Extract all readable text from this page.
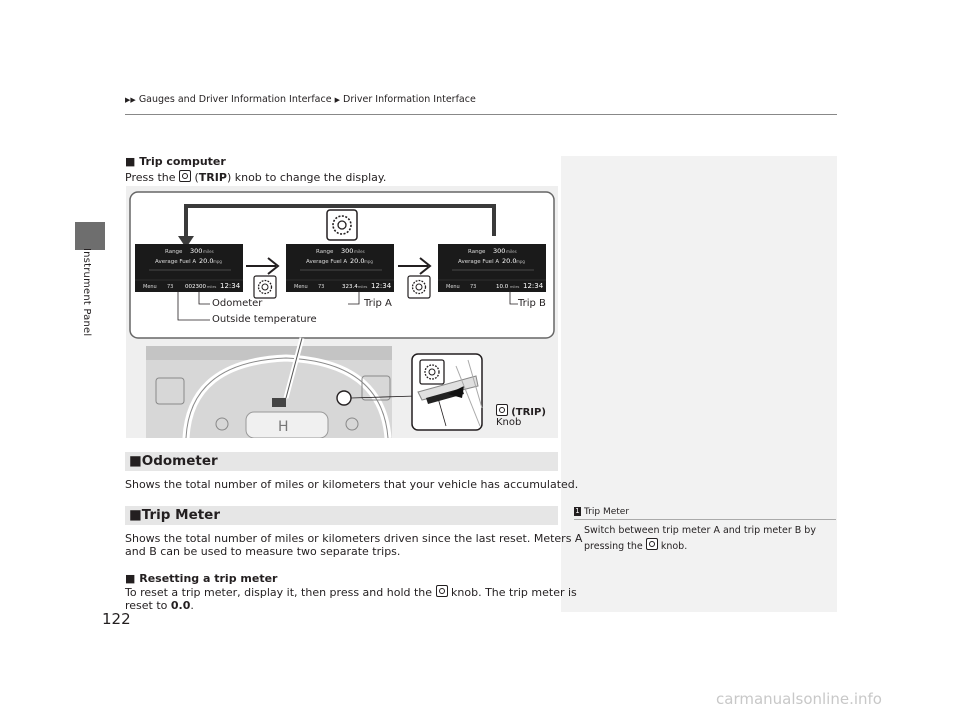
Instrument Panel
▶▶ Gauges and Driver Information Interface ▶ Driver Information Interface
■ Trip computer
Press the (TRIP) knob to change the display.
Range 300 miles
Average Fuel A 20.0 mpg
Menu 73 002300 miles 12:34
Range 300 miles
Average Fuel A 20.0 mpg
Menu 73	323.4 miles 12:34
Range 300 miles
Average Fuel A 20.0 mpg
Menu 73	10.0 miles 12:34
H
Odometer
Outside temperature
Trip A	Trip B
(TRIP)
Knob
■Odometer
Shows the total number of miles or kilometers that your vehicle has accumulated.
■Trip Meter
Shows the total number of miles or kilometers driven since the last reset. Meters A
and B can be used to measure two separate trips.
■ Resetting a trip meter
To reset a trip meter, display it, then press and hold the knob. The trip meter is
reset to 0.0.
1 Trip Meter
Switch between trip meter A and trip meter B by
pressing the knob.
122
carmanualsonline.info
